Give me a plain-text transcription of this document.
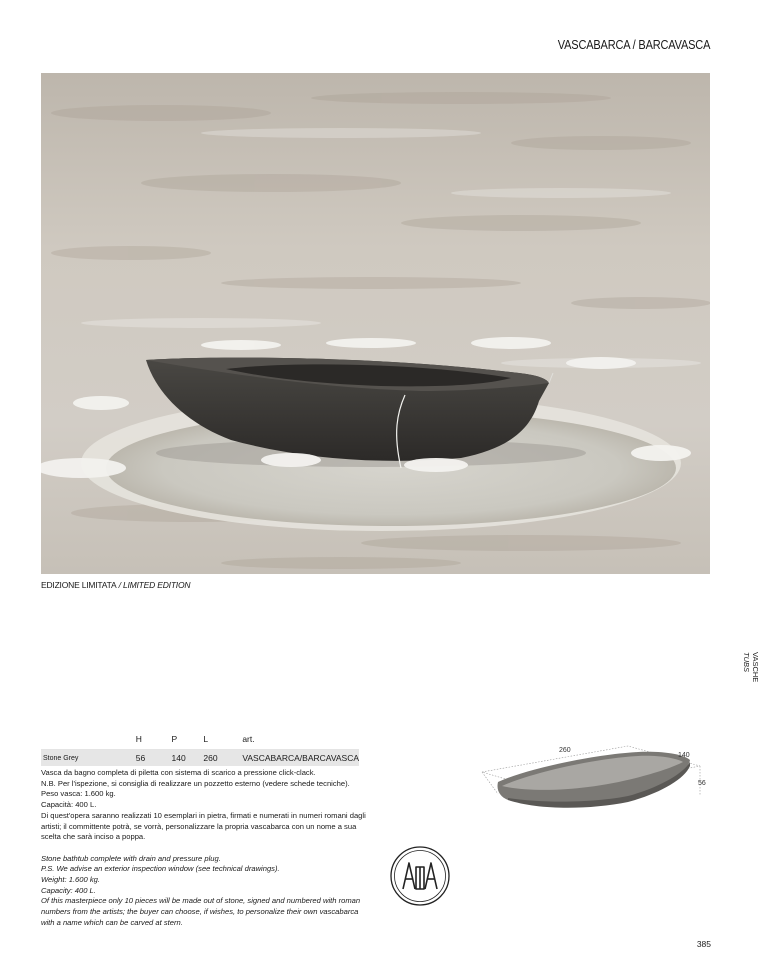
VASCABARCA / BARCAVASCA
EDIZIONE LIMITATA / LIMITED EDITION
VASCHE
TUBS
	H	P	L	art.
Stone Grey	56	140	260	VASCABARCA/BARCAVASCA

Vasca da bagno completa di piletta con sistema di scarico a pressione click-clack.

N.B. Per l'ispezione, si consiglia di realizzare un pozzetto esterno (vedere schede tecniche).

Peso vasca: 1.600 kg.

Capacità: 400 L.

Di quest'opera saranno realizzati 10 esemplari in pietra, firmati e numerati in numeri romani dagli artisti; il committente potrà, se vorrà, personalizzare la propria vascabarca con un nome a sua scelta che sarà inciso a poppa.

Stone bathtub complete with drain and pressure plug.

P.S. We advise an exterior inspection window (see technical drawings).

Weight: 1.600 kg.

Capacity: 400 L.

Of this masterpiece only 10 pieces will be made out of stone, signed and numbered with roman numbers from the artists; the buyer can choose, if wishes, to personalize their own vascabarca with a name which can be carved at stern.

260
140
56
385
